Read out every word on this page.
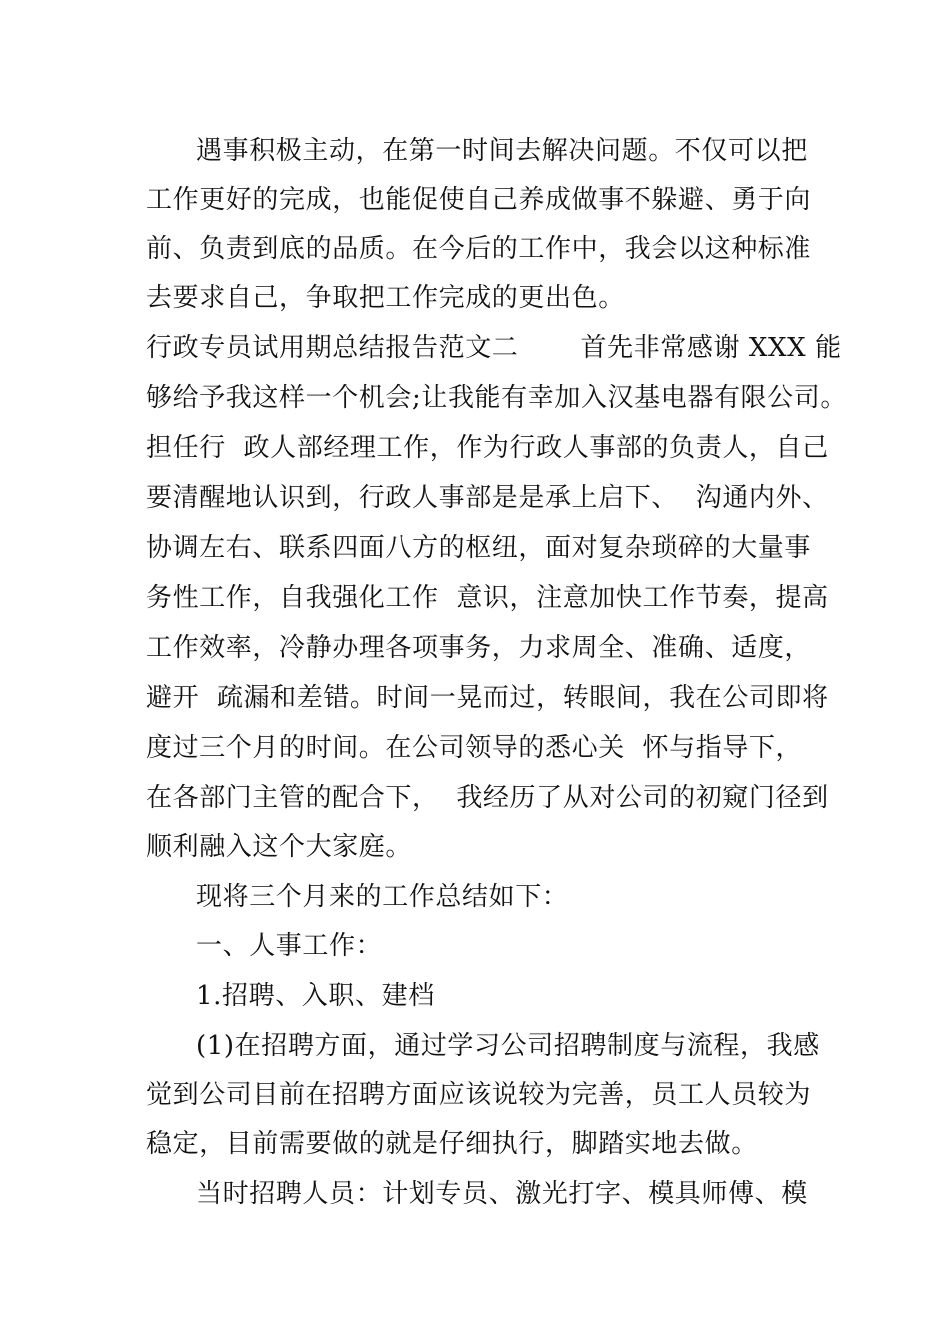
遇事积极主动，在第一时间去解决问题。不仅可以把
工作更好的完成，也能促使自己养成做事不躲避、勇于向
前、负责到底的品质。在今后的工作中，我会以这种标准
去要求自己，争取把工作完成的更出色。
行政专员试用期总结报告范文二　　 首先非常感谢 XXX 能
够给予我这样一个机会;让我能有幸加入汉基电器有限公司。
担任行  政人部经理工作，作为行政人事部的负责人，自己
要清醒地认识到，行政人事部是是承上启下、  沟通内外、
协调左右、联系四面八方的枢纽，面对复杂琐碎的大量事
务性工作，自我强化工作  意识，注意加快工作节奏，提高
工作效率，冷静办理各项事务，力求周全、准确、适度，
避开  疏漏和差错。时间一晃而过，转眼间，我在公司即将
度过三个月的时间。在公司领导的悉心关  怀与指导下，
在各部门主管的配合下，  我经历了从对公司的初窥门径到
顺利融入这个大家庭。
现将三个月来的工作总结如下：
一、人事工作：
1.招聘、入职、建档
(1)在招聘方面，通过学习公司招聘制度与流程，我感
觉到公司目前在招聘方面应该说较为完善，员工人员较为
稳定，目前需要做的就是仔细执行，脚踏实地去做。
当时招聘人员：计划专员、激光打字、模具师傅、模
